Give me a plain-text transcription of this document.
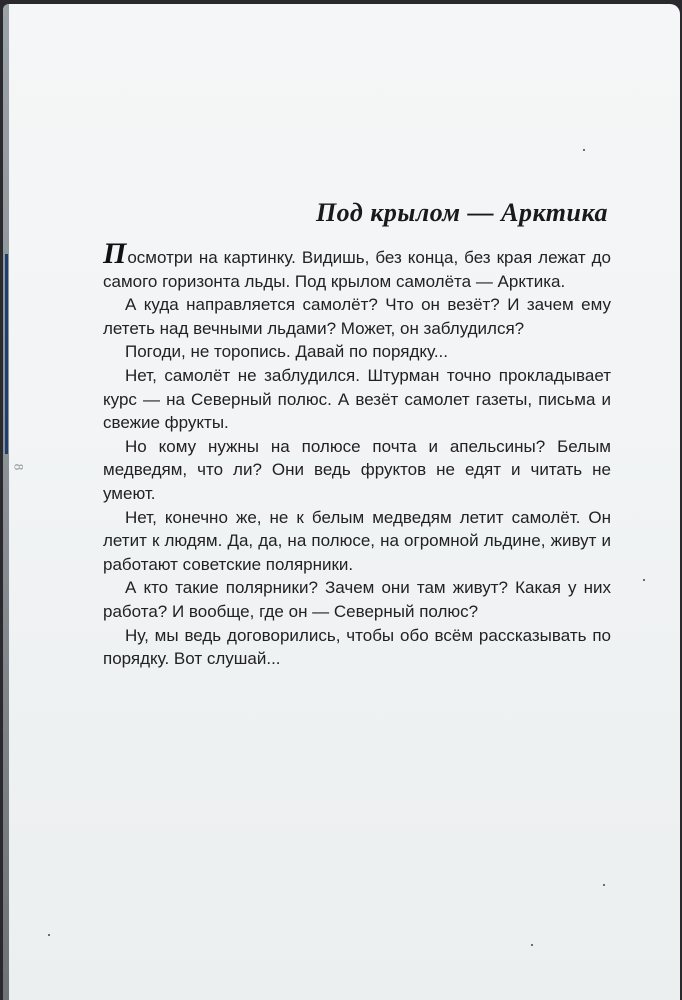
8
Под крылом — Арктика

Посмотри на картинку. Видишь, без конца, без края лежат до самого горизонта льды. Под крылом самолёта — Арктика.

А куда направляется самолёт? Что он везёт? И зачем ему лететь над вечными льдами? Может, он заблудился?

Погоди, не торопись. Давай по порядку...

Нет, самолёт не заблудился. Штурман точно прокладывает курс — на Северный полюс. А везёт самолет газеты, письма и свежие фрукты.

Но кому нужны на полюсе почта и апельсины? Белым медведям, что ли? Они ведь фруктов не едят и читать не умеют.

Нет, конечно же, не к белым медведям летит самолёт. Он летит к людям. Да, да, на полюсе, на огромной льдине, живут и работают советские полярники.

А кто такие полярники? Зачем они там живут? Какая у них работа? И вообще, где он — Северный полюс?

Ну, мы ведь договорились, чтобы обо всём рассказывать по порядку. Вот слушай...
